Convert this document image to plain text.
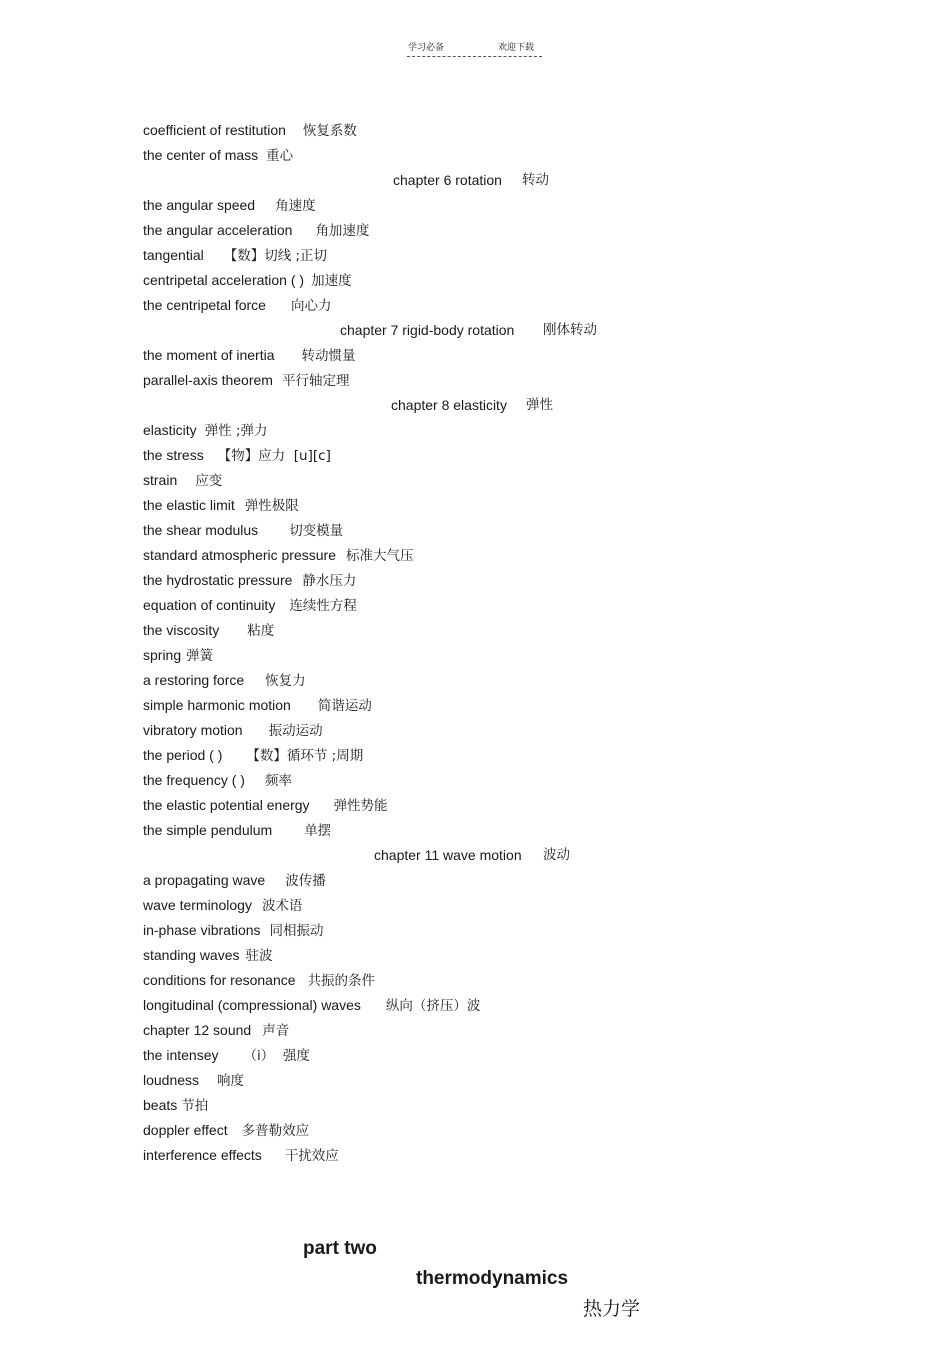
学习必备	欢迎下载
coefficient of restitution 恢复系数
the center of mass 重心
chapter 6 rotation 转动
the angular speed 角速度
the angular acceleration 角加速度
tangential 【数】切线 ;正切
centripetal acceleration ( ) 加速度
the centripetal force 向心力
chapter 7 rigid-body rotation 刚体转动
the moment of inertia 转动惯量
parallel-axis theorem 平行轴定理
chapter 8 elasticity 弹性
elasticity 弹性 ;弹力
the stress 【物】应力  [u][c]
strain 应变
the elastic limit 弹性极限
the shear modulus 切变模量
standard atmospheric pressure 标准大气压
the hydrostatic pressure 静水压力
equation of continuity 连续性方程
the viscosity 粘度
spring 弹簧
a restoring force 恢复力
simple harmonic motion 简谐运动
vibratory motion 振动运动
the period ( ) 【数】循环节 ;周期
the frequency ( ) 频率
the elastic potential energy 弹性势能
the simple pendulum 单摆
chapter 11 wave motion 波动
a propagating wave 波传播
wave terminology 波术语
in-phase vibrations 同相振动
standing waves 驻波
conditions for resonance 共振的条件
longitudinal (compressional) waves 纵向（挤压）波
chapter 12 sound 声音
the intensey （i）  强度
loudness 响度
beats 节拍
doppler effect 多普勒效应
interference effects 干扰效应

part two

thermodynamics

热力学
